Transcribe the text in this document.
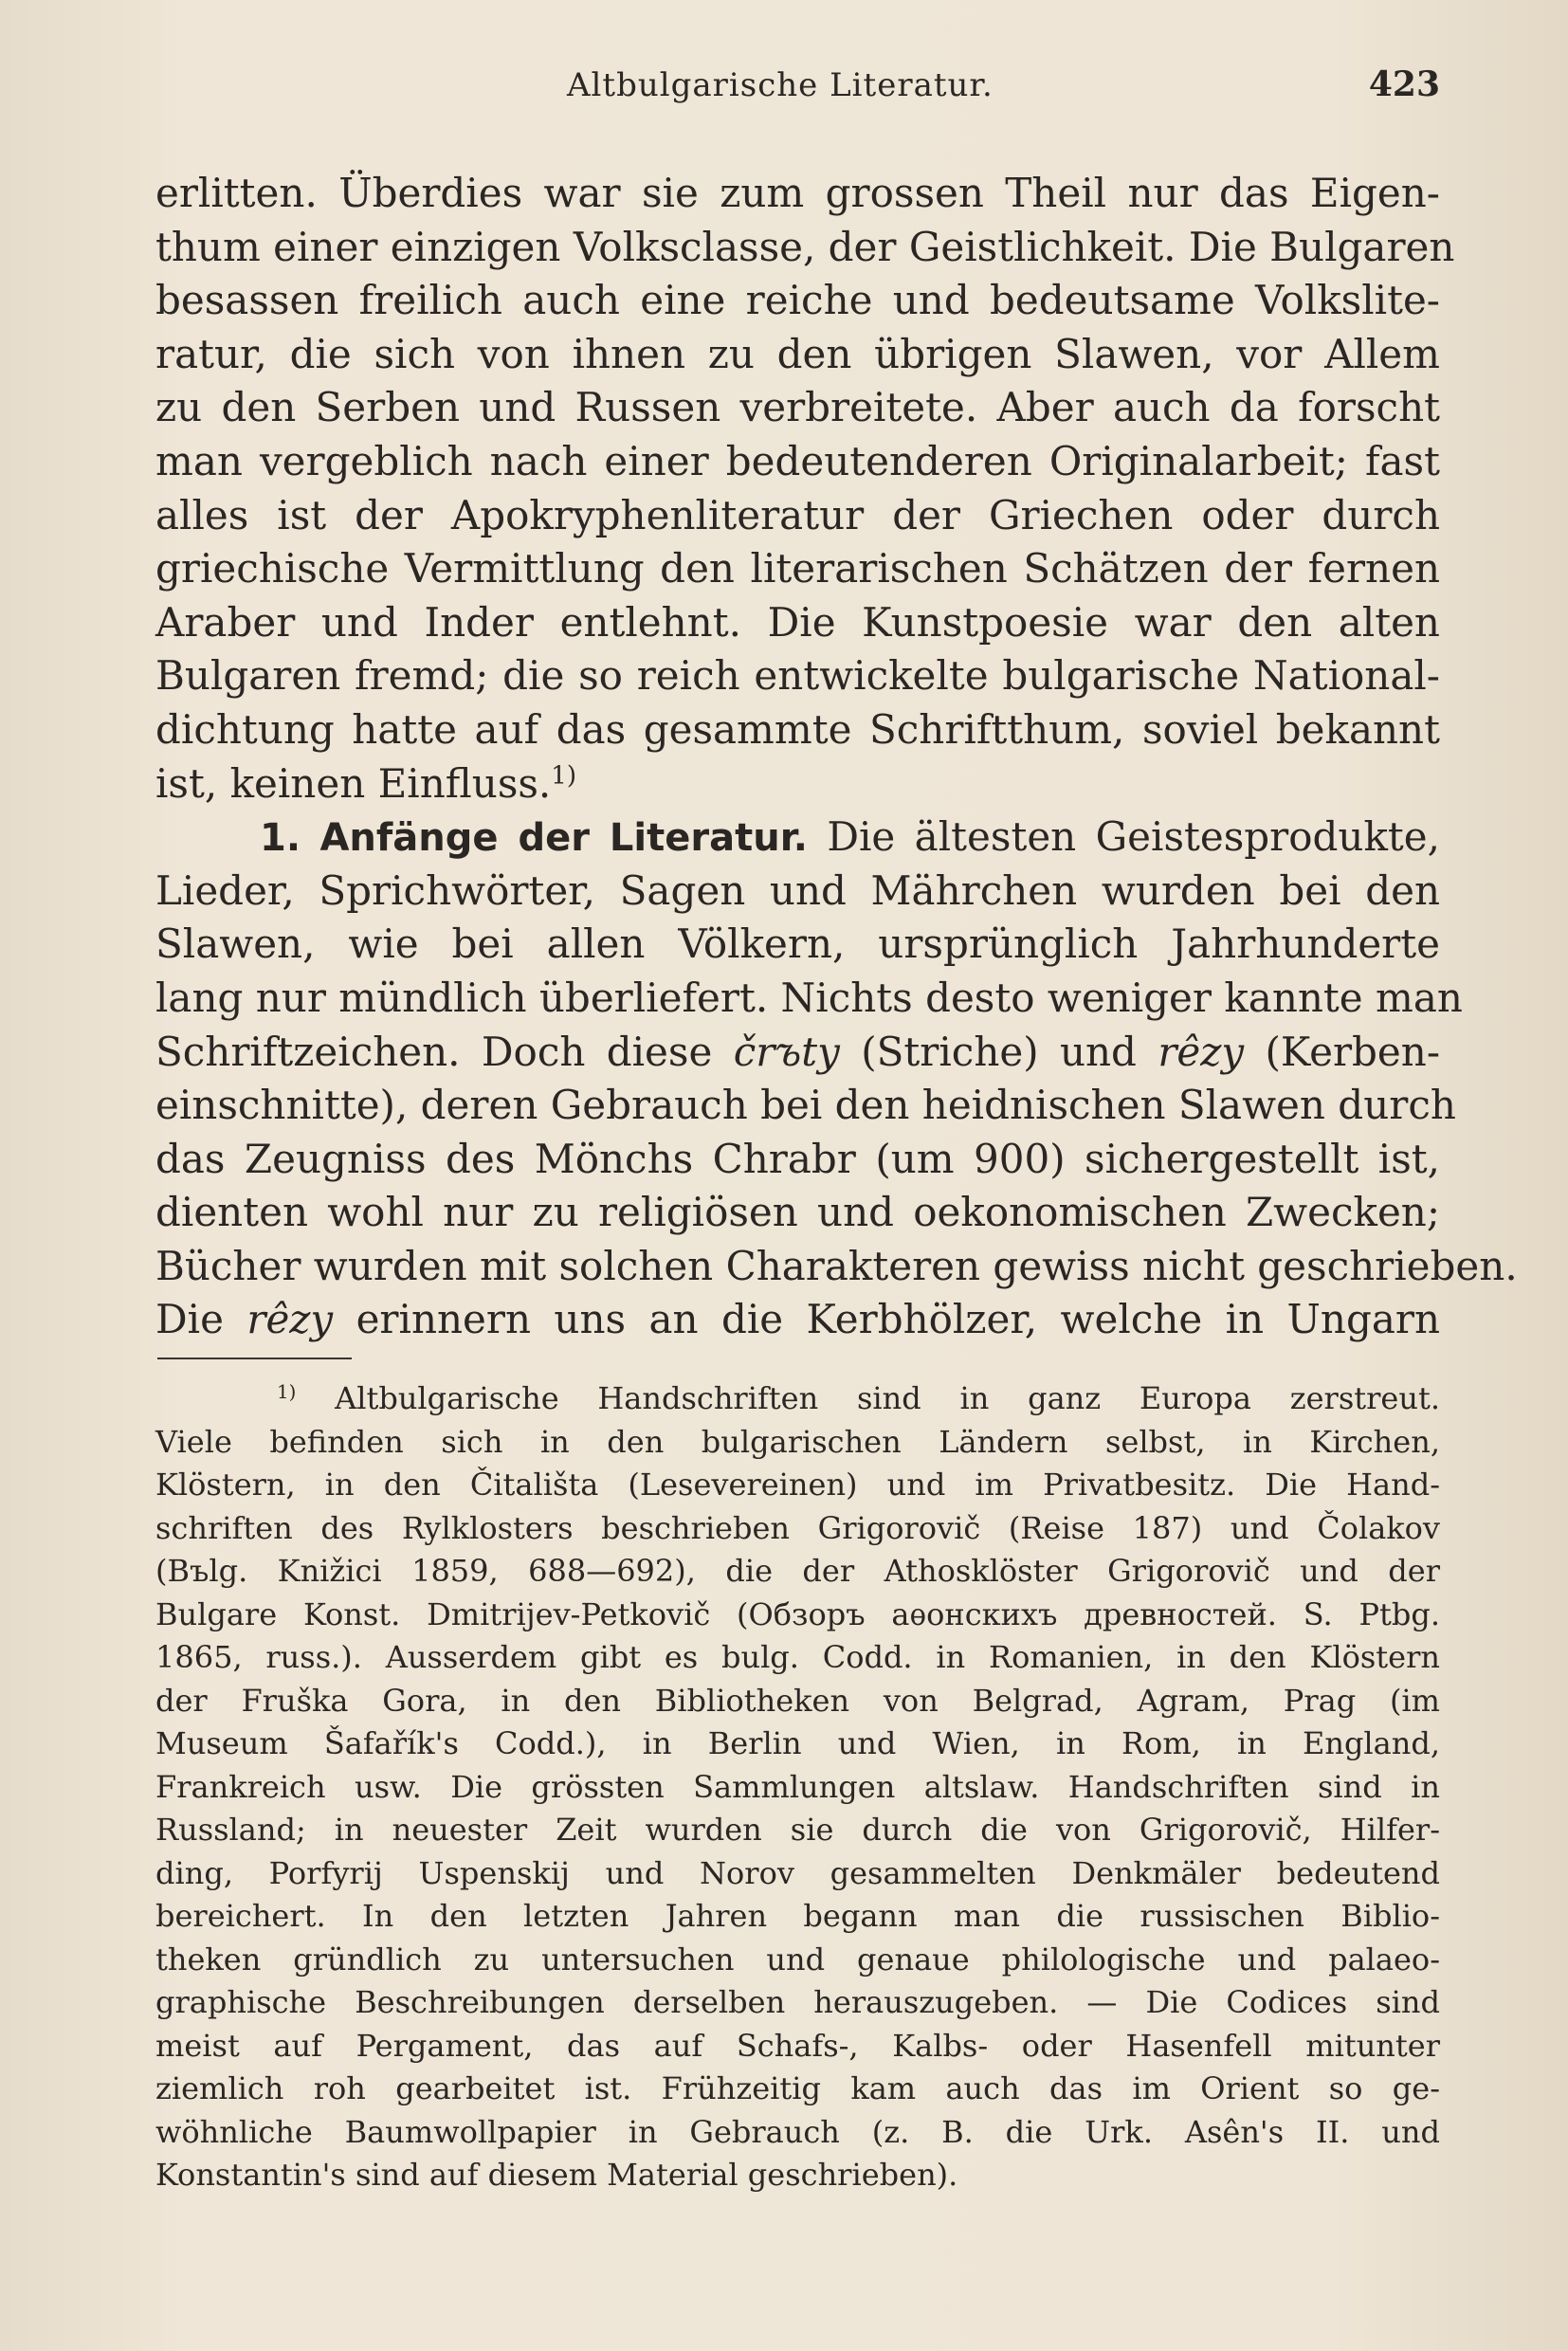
Altbulgarische Literatur.	423
erlitten. Überdies war sie zum grossen Theil nur das Eigen-
thum einer einzigen Volksclasse, der Geistlichkeit. Die Bulgaren
besassen freilich auch eine reiche und bedeutsame Volkslite-
ratur, die sich von ihnen zu den übrigen Slawen, vor Allem
zu den Serben und Russen verbreitete. Aber auch da forscht
man vergeblich nach einer bedeutenderen Originalarbeit; fast
alles ist der Apokryphenliteratur der Griechen oder durch
griechische Vermittlung den literarischen Schätzen der fernen
Araber und Inder entlehnt. Die Kunstpoesie war den alten
Bulgaren fremd; die so reich entwickelte bulgarische National-
dichtung hatte auf das gesammte Schriftthum, soviel bekannt
ist, keinen Einfluss.$^{1)}$
1. Anfänge der Literatur. Die ältesten Geistesprodukte,
Lieder, Sprichwörter, Sagen und Mährchen wurden bei den
Slawen, wie bei allen Völkern, ursprünglich Jahrhunderte
lang nur mündlich überliefert. Nichts desto weniger kannte man
Schriftzeichen. Doch diese črъty (Striche) und rêzy (Kerben-
einschnitte), deren Gebrauch bei den heidnischen Slawen durch
das Zeugniss des Mönchs Chrabr (um 900) sichergestellt ist,
dienten wohl nur zu religiösen und oekonomischen Zwecken;
Bücher wurden mit solchen Charakteren gewiss nicht geschrieben.
Die rêzy erinnern uns an die Kerbhölzer, welche in Ungarn
$^{1)}$ Altbulgarische Handschriften sind in ganz Europa zerstreut.
Viele befinden sich in den bulgarischen Ländern selbst, in Kirchen,
Klöstern, in den Čitališta (Lesevereinen) und im Privatbesitz. Die Hand-
schriften des Rylklosters beschrieben Grigorovič (Reise 187) und Čolakov
(Bъlg. Knižici 1859, 688—692), die der Athosklöster Grigorovič und der
Bulgare Konst. Dmitrijev-Petkovič (Обзоръ аѳонскихъ древностей. S. Ptbg.
1865, russ.). Ausserdem gibt es bulg. Codd. in Romanien, in den Klöstern
der Fruška Gora, in den Bibliotheken von Belgrad, Agram, Prag (im
Museum Šafařík's Codd.), in Berlin und Wien, in Rom, in England,
Frankreich usw. Die grössten Sammlungen altslaw. Handschriften sind in
Russland; in neuester Zeit wurden sie durch die von Grigorovič, Hilfer-
ding, Porfyrij Uspenskij und Norov gesammelten Denkmäler bedeutend
bereichert. In den letzten Jahren begann man die russischen Biblio-
theken gründlich zu untersuchen und genaue philologische und palaeo-
graphische Beschreibungen derselben herauszugeben. — Die Codices sind
meist auf Pergament, das auf Schafs-, Kalbs- oder Hasenfell mitunter
ziemlich roh gearbeitet ist. Frühzeitig kam auch das im Orient so ge-
wöhnliche Baumwollpapier in Gebrauch (z. B. die Urk. Asên's II. und
Konstantin's sind auf diesem Material geschrieben).
